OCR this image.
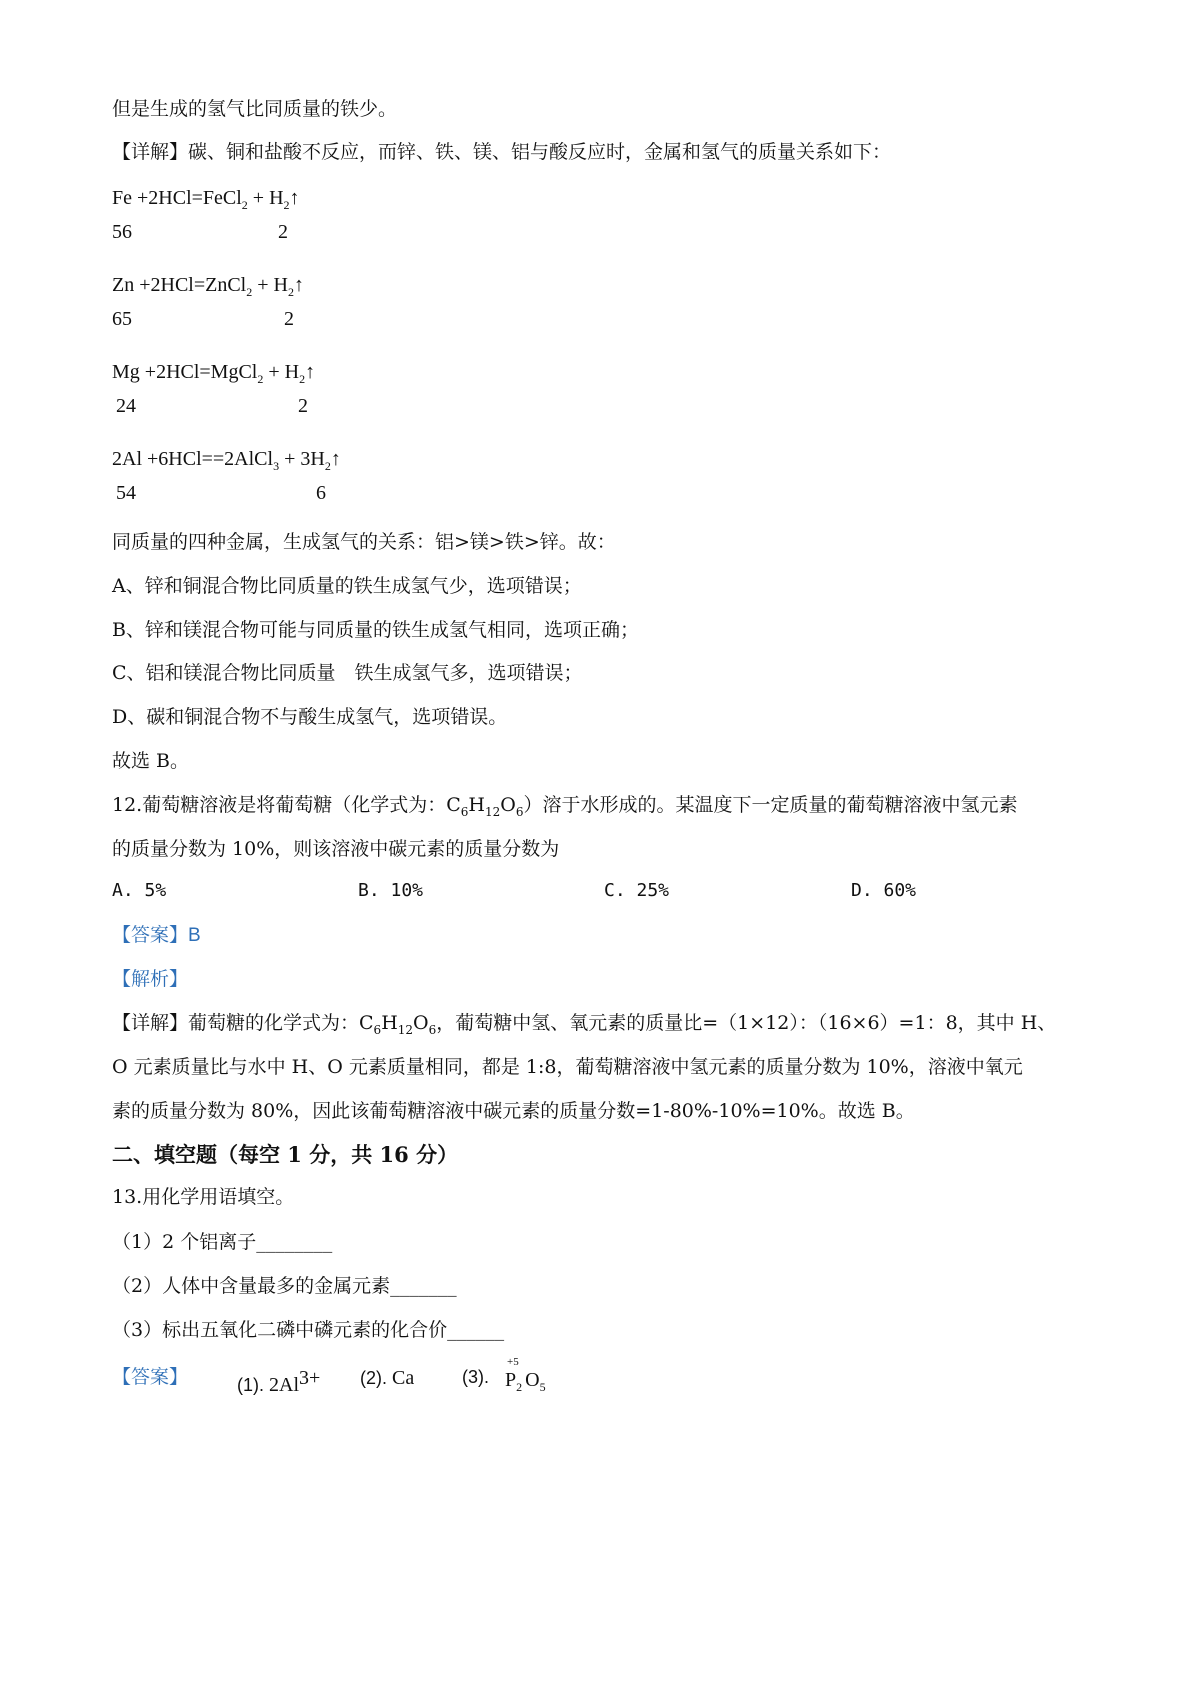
但是生成的氢气比同质量的铁少。
【详解】碳、铜和盐酸不反应，而锌、铁、镁、铝与酸反应时，金属和氢气的质量关系如下：
Fe +2HCl=FeCl$_2$ + $H_2↑$
56	2
Zn +2HCl=ZnCl$_2$ + $H_2↑$
65	2
Mg +2HCl=MgCl$_2$ + $H_2↑$
24	2
2Al +6HCl==2AlCl$_3$ + $3H_2↑$
54	6
同质量的四种金属，生成氢气的关系：铝>镁>铁>锌。故：
A、锌和铜混合物比同质量的铁生成氢气少，选项错误；
B、锌和镁混合物可能与同质量的铁生成氢气相同，选项正确；
C、铝和镁混合物比同质量　铁生成氢气多，选项错误；
D、碳和铜混合物不与酸生成氢气，选项错误。
故选 B。
12.葡萄糖溶液是将葡萄糖（化学式为：$C_6H_{12}O_6$）溶于水形成的。某温度下一定质量的葡萄糖溶液中氢元素
的质量分数为 10%，则该溶液中碳元素的质量分数为
A. 5%	B. 10%	C. 25%	D. 60%
【答案】B
【解析】
【详解】葡萄糖的化学式为：$C_6H_{12}O_6$，葡萄糖中氢、氧元素的质量比=（1×12）：（16×6）=1：8，其中 H、
O 元素质量比与水中 H、O 元素质量相同，都是 1:8，葡萄糖溶液中氢元素的质量分数为 10%，溶液中氧元
素的质量分数为 80%，因此该葡萄糖溶液中碳元素的质量分数=1-80%-10%=10%。故选 B。
二、填空题（每空 1 分，共 16 分）
13.用化学用语填空。
（1）2 个铝离子________
（2）人体中含量最多的金属元素_______
（3）标出五氧化二磷中磷元素的化合价______
【答案】	(1). $2Al^{3+}$ (2). Ca	(3).
+5
$P_2$ $O_5$
